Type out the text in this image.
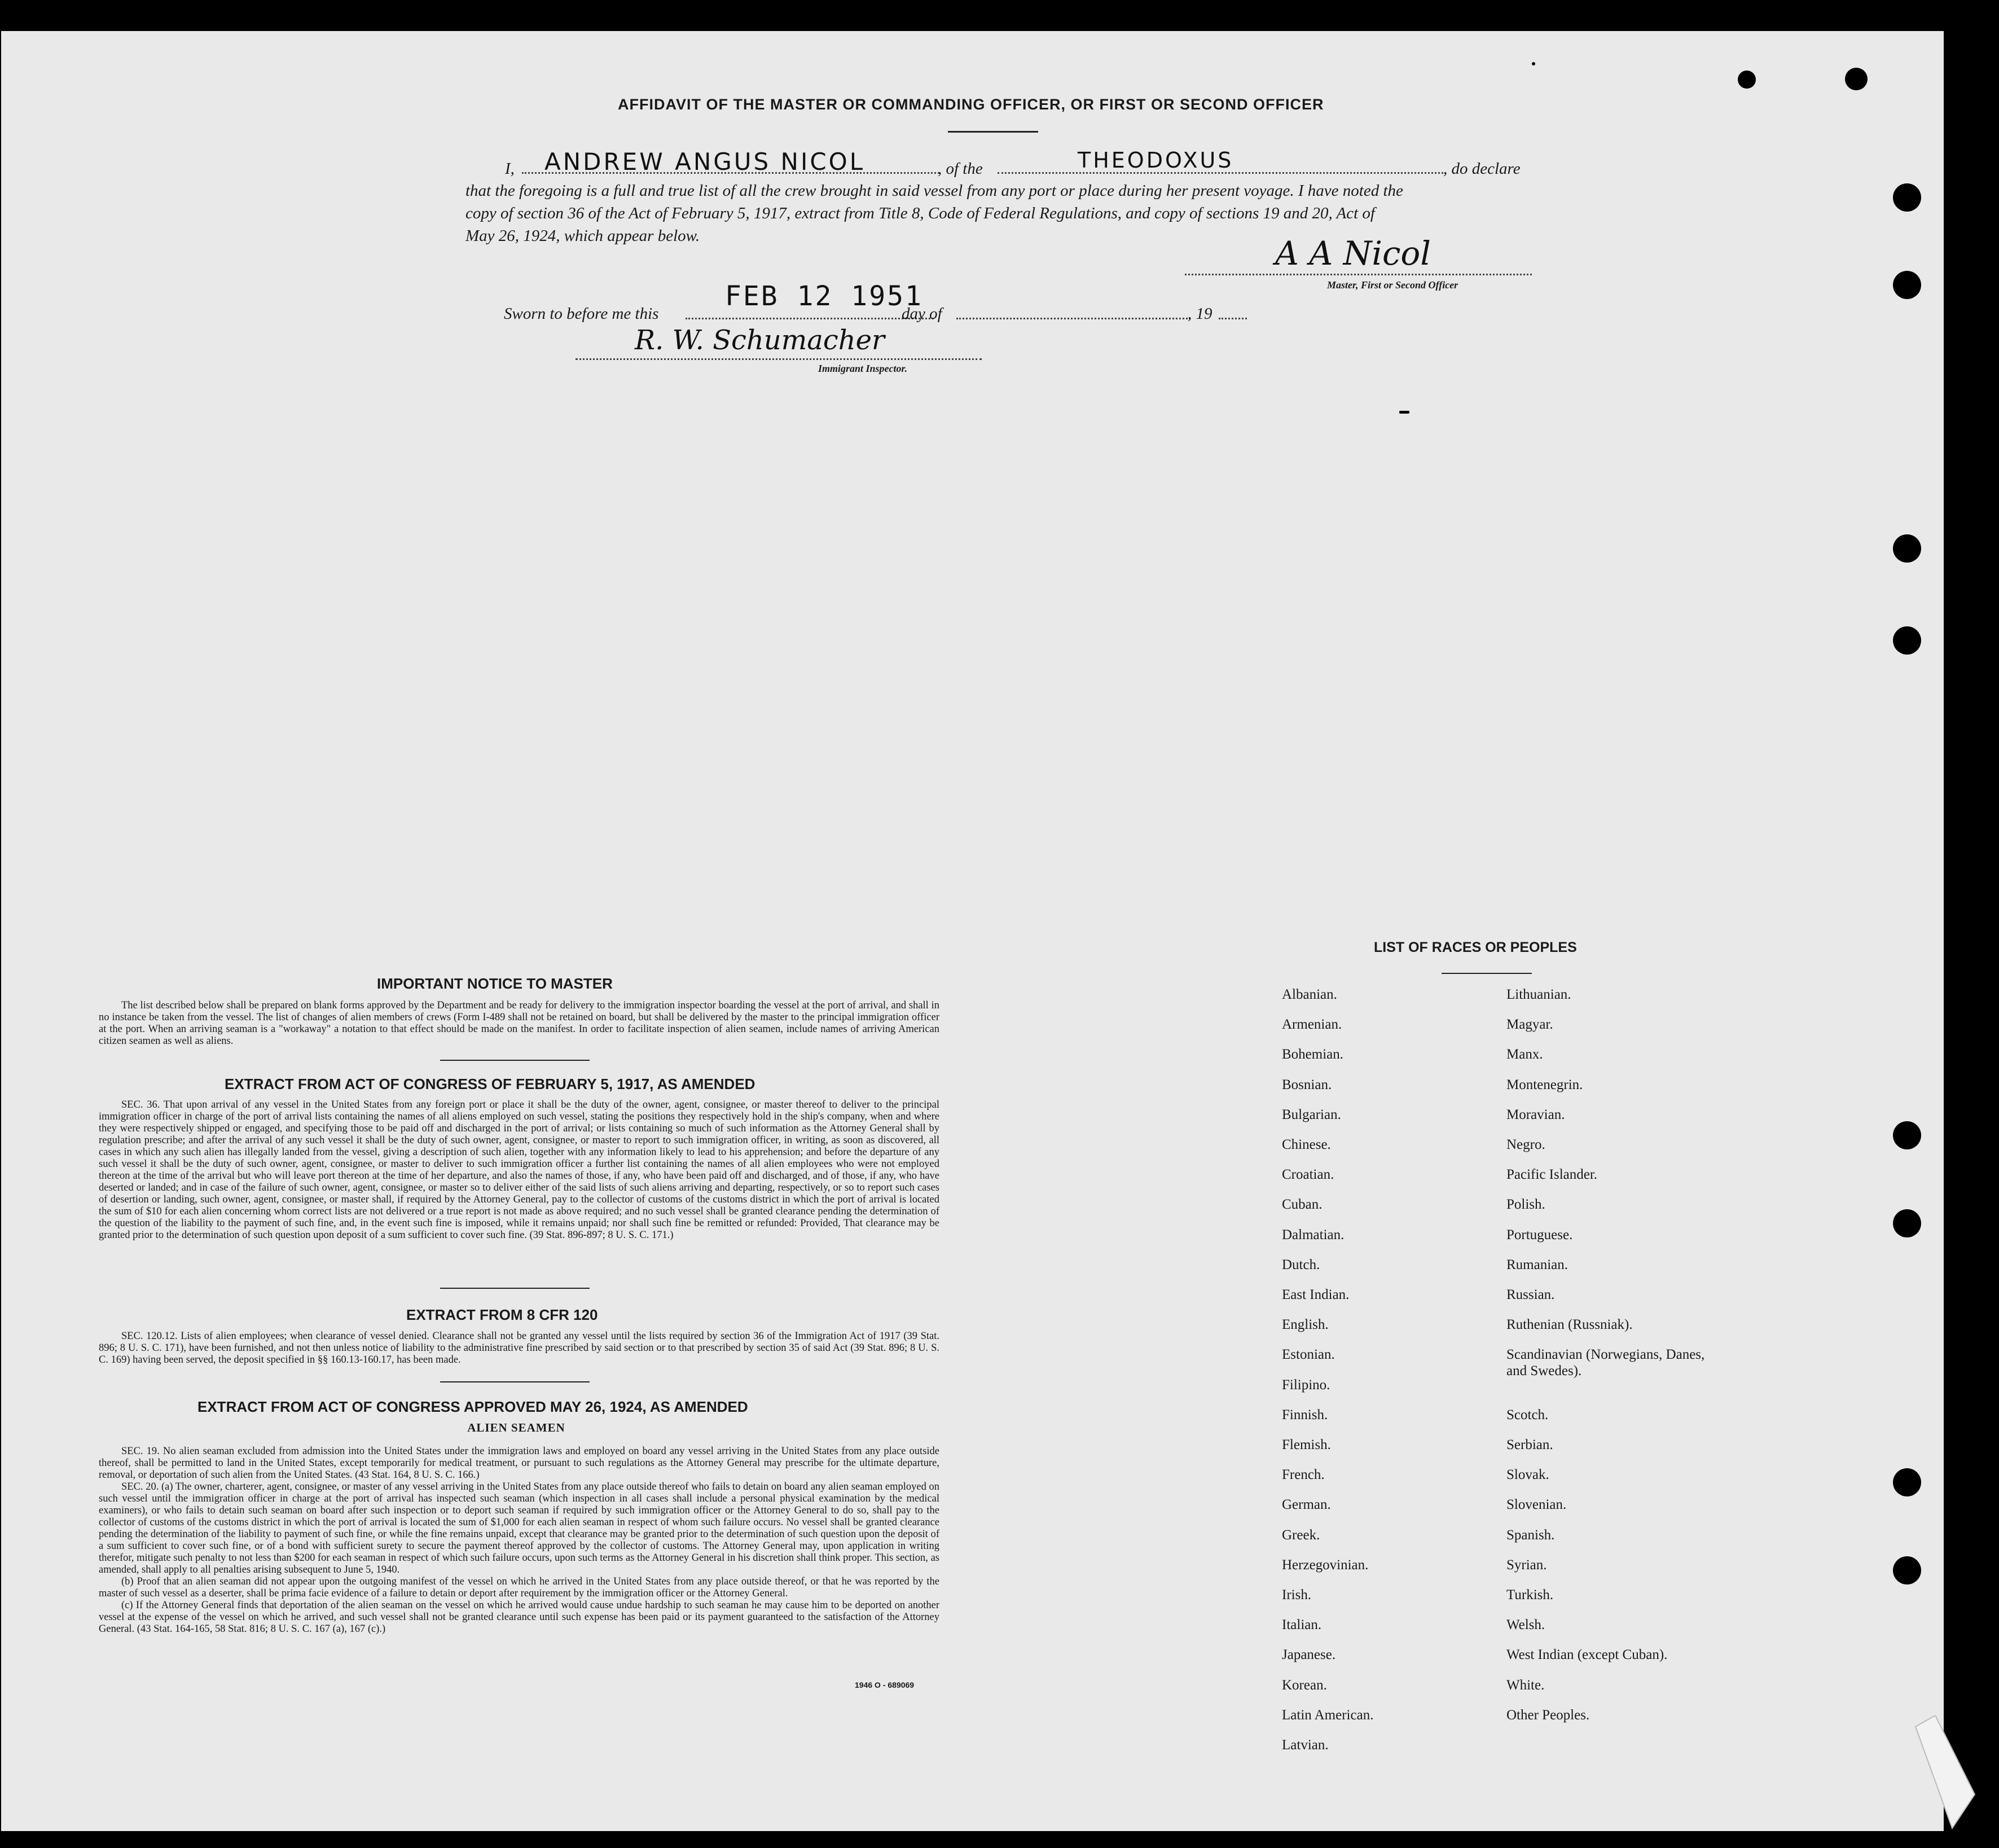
AFFIDAVIT OF THE MASTER OR COMMANDING OFFICER, OR FIRST OR SECOND OFFICER
I, ANDREW ANGUS NICOL	, of the	THEODOXUS	, do declare
that the foregoing is a full and true list of all the crew brought in said vessel from any port or place during her present voyage. I have noted the
copy of section 36 of the Act of February 5, 1917, extract from Title 8, Code of Federal Regulations, and copy of sections 19 and 20, Act of
May 26, 1924, which appear below.	A A Nicol
Master, First or Second Officer
Sworn to before me this
FEB 12 1951
day of	, 19
R. W. Schumacher
Immigrant Inspector.
IMPORTANT NOTICE TO MASTER

The list described below shall be prepared on blank forms approved by the Department and be ready for delivery to the immigration inspector boarding the vessel at the port of arrival, and shall in no instance be taken from the vessel. The list of changes of alien members of crews (Form I-489 shall not be retained on board, but shall be delivered by the master to the principal immigration officer at the port. When an arriving seaman is a "workaway" a notation to that effect should be made on the manifest. In order to facilitate inspection of alien seamen, include names of arriving American citizen seamen as well as aliens.

EXTRACT FROM ACT OF CONGRESS OF FEBRUARY 5, 1917, AS AMENDED

SEC. 36. That upon arrival of any vessel in the United States from any foreign port or place it shall be the duty of the owner, agent, consignee, or master thereof to deliver to the principal immigration officer in charge of the port of arrival lists containing the names of all aliens employed on such vessel, stating the positions they respectively hold in the ship's company, when and where they were respectively shipped or engaged, and specifying those to be paid off and discharged in the port of arrival; or lists containing so much of such information as the Attorney General shall by regulation prescribe; and after the arrival of any such vessel it shall be the duty of such owner, agent, consignee, or master to report to such immigration officer, in writing, as soon as discovered, all cases in which any such alien has illegally landed from the vessel, giving a description of such alien, together with any information likely to lead to his apprehension; and before the departure of any such vessel it shall be the duty of such owner, agent, consignee, or master to deliver to such immigration officer a further list containing the names of all alien employees who were not employed thereon at the time of the arrival but who will leave port thereon at the time of her departure, and also the names of those, if any, who have been paid off and discharged, and of those, if any, who have deserted or landed; and in case of the failure of such owner, agent, consignee, or master so to deliver either of the said lists of such aliens arriving and departing, respectively, or so to report such cases of desertion or landing, such owner, agent, consignee, or master shall, if required by the Attorney General, pay to the collector of customs of the customs district in which the port of arrival is located the sum of $10 for each alien concerning whom correct lists are not delivered or a true report is not made as above required; and no such vessel shall be granted clearance pending the determination of the question of the liability to the payment of such fine, and, in the event such fine is imposed, while it remains unpaid; nor shall such fine be remitted or refunded: Provided, That clearance may be granted prior to the determination of such question upon deposit of a sum sufficient to cover such fine. (39 Stat. 896-897; 8 U. S. C. 171.)

EXTRACT FROM 8 CFR 120

SEC. 120.12. Lists of alien employees; when clearance of vessel denied. Clearance shall not be granted any vessel until the lists required by section 36 of the Immigration Act of 1917 (39 Stat. 896; 8 U. S. C. 171), have been furnished, and not then unless notice of liability to the administrative fine prescribed by said section or to that prescribed by section 35 of said Act (39 Stat. 896; 8 U. S. C. 169) having been served, the deposit specified in §§ 160.13-160.17, has been made.

EXTRACT FROM ACT OF CONGRESS APPROVED MAY 26, 1924, AS AMENDED
ALIEN SEAMEN

SEC. 19. No alien seaman excluded from admission into the United States under the immigration laws and employed on board any vessel arriving in the United States from any place outside thereof, shall be permitted to land in the United States, except temporarily for medical treatment, or pursuant to such regulations as the Attorney General may prescribe for the ultimate departure, removal, or deportation of such alien from the United States. (43 Stat. 164, 8 U. S. C. 166.)

SEC. 20. (a) The owner, charterer, agent, consignee, or master of any vessel arriving in the United States from any place outside thereof who fails to detain on board any alien seaman employed on such vessel until the immigration officer in charge at the port of arrival has inspected such seaman (which inspection in all cases shall include a personal physical examination by the medical examiners), or who fails to detain such seaman on board after such inspection or to deport such seaman if required by such immigration officer or the Attorney General to do so, shall pay to the collector of customs of the customs district in which the port of arrival is located the sum of $1,000 for each alien seaman in respect of whom such failure occurs. No vessel shall be granted clearance pending the determination of the liability to payment of such fine, or while the fine remains unpaid, except that clearance may be granted prior to the determination of such question upon the deposit of a sum sufficient to cover such fine, or of a bond with sufficient surety to secure the payment thereof approved by the collector of customs. The Attorney General may, upon application in writing therefor, mitigate such penalty to not less than $200 for each seaman in respect of which such failure occurs, upon such terms as the Attorney General in his discretion shall think proper. This section, as amended, shall apply to all penalties arising subsequent to June 5, 1940.

(b) Proof that an alien seaman did not appear upon the outgoing manifest of the vessel on which he arrived in the United States from any place outside thereof, or that he was reported by the master of such vessel as a deserter, shall be prima facie evidence of a failure to detain or deport after requirement by the immigration officer or the Attorney General.

(c) If the Attorney General finds that deportation of the alien seaman on the vessel on which he arrived would cause undue hardship to such seaman he may cause him to be deported on another vessel at the expense of the vessel on which he arrived, and such vessel shall not be granted clearance until such expense has been paid or its payment guaranteed to the satisfaction of the Attorney General. (43 Stat. 164-165, 58 Stat. 816; 8 U. S. C. 167 (a), 167 (c).)

1946 O - 689069
LIST OF RACES OR PEOPLES
Albanian.
Armenian.
Bohemian.
Bosnian.
Bulgarian.
Chinese.
Croatian.
Cuban.
Dalmatian.
Dutch.
East Indian.
English.
Estonian.
Filipino.
Finnish.
Flemish.
French.
German.
Greek.
Herzegovinian.
Irish.
Italian.
Japanese.
Korean.
Latin American.
Latvian.
Lithuanian.
Magyar.
Manx.
Montenegrin.
Moravian.
Negro.
Pacific Islander.
Polish.
Portuguese.
Rumanian.
Russian.
Ruthenian (Russniak).
Scandinavian (Norwegians, Danes, and Swedes).
Scotch.
Serbian.
Slovak.
Slovenian.
Spanish.
Syrian.
Turkish.
Welsh.
West Indian (except Cuban).
White.
Other Peoples.
